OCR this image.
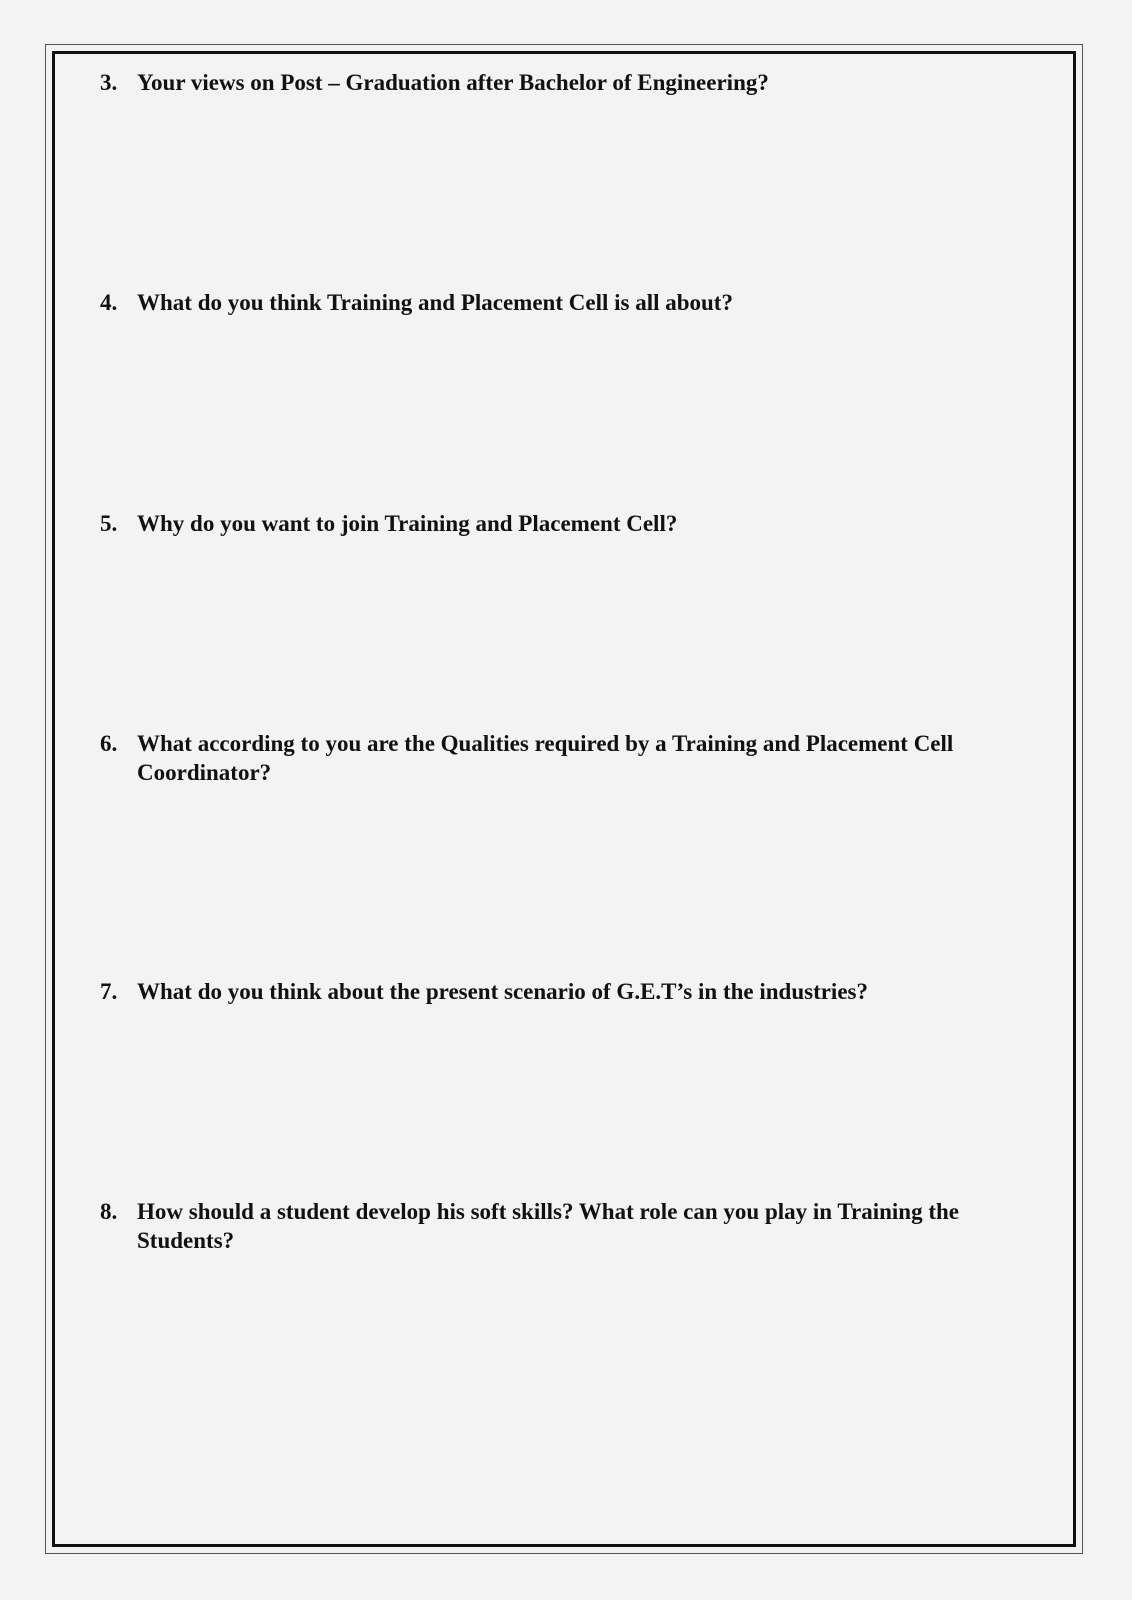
3. Your views on Post – Graduation after Bachelor of Engineering?
4. What do you think Training and Placement Cell is all about?
5. Why do you want to join Training and Placement Cell?
6. What according to you are the Qualities required by a Training and Placement Cell Coordinator?
7. What do you think about the present scenario of G.E.T’s in the industries?
8. How should a student develop his soft skills? What role can you play in Training the Students?
